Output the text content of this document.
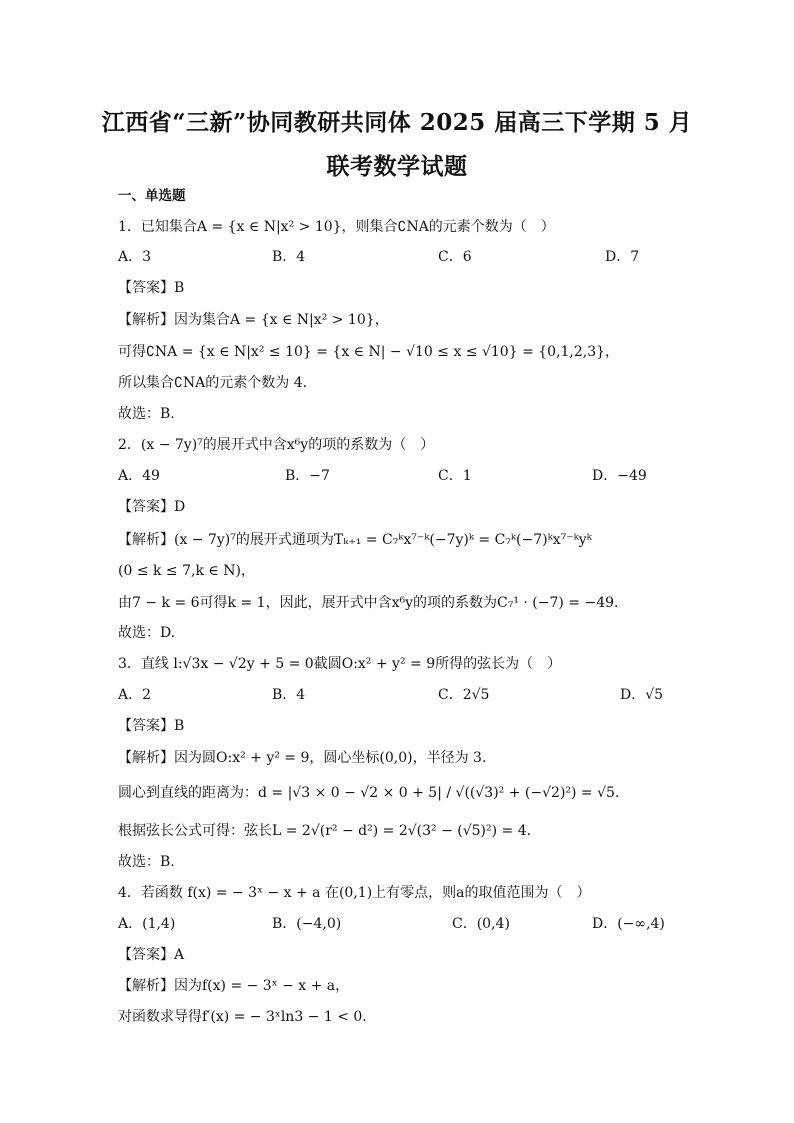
江西省“三新”协同教研共同体 2025 届高三下学期 5 月
联考数学试题
一、单选题
1．已知集合A = {x ∈ N|x² > 10}，则集合∁NA的元素个数为（　）
A．3	B．4	C．6	D．7
【答案】B
【解析】因为集合A = {x ∈ N|x² > 10}，
可得∁NA = {x ∈ N|x² ≤ 10} = {x ∈ N| − √10 ≤ x ≤ √10} = {0,1,2,3}，
所以集合∁NA的元素个数为 4.
故选：B.
2．(x − 7y)⁷的展开式中含x⁶y的项的系数为（　）
A．49	B．−7	C．1	D．−49
【答案】D
【解析】(x − 7y)⁷的展开式通项为Tₖ₊₁ = C₇ᵏx⁷⁻ᵏ(−7y)ᵏ = C₇ᵏ(−7)ᵏx⁷⁻ᵏyᵏ
(0 ≤ k ≤ 7,k ∈ N)，
由7 − k = 6可得k = 1，因此，展开式中含x⁶y的项的系数为C₇¹ · (−7) = −49.
故选：D.
3．直线 l:√3x − √2y + 5 = 0截圆O:x² + y² = 9所得的弦长为（　）
A．2	B．4	C．2√5	D．√5
【答案】B
【解析】因为圆O:x² + y² = 9，圆心坐标(0,0)，半径为 3.
圆心到直线的距离为：d = |√3 × 0 − √2 × 0 + 5| / √((√3)² + (−√2)²) = √5.
根据弦长公式可得：弦长L = 2√(r² − d²) = 2√(3² − (√5)²) = 4.
故选：B.
4．若函数 f(x) = − 3ˣ − x + a 在(0,1)上有零点，则a的取值范围为（　）
A．(1,4)	B．(−4,0)	C．(0,4)	D．(−∞,4)
【答案】A
【解析】因为f(x) = − 3ˣ − x + a，
对函数求导得f′(x) = − 3ˣln3 − 1 < 0.
